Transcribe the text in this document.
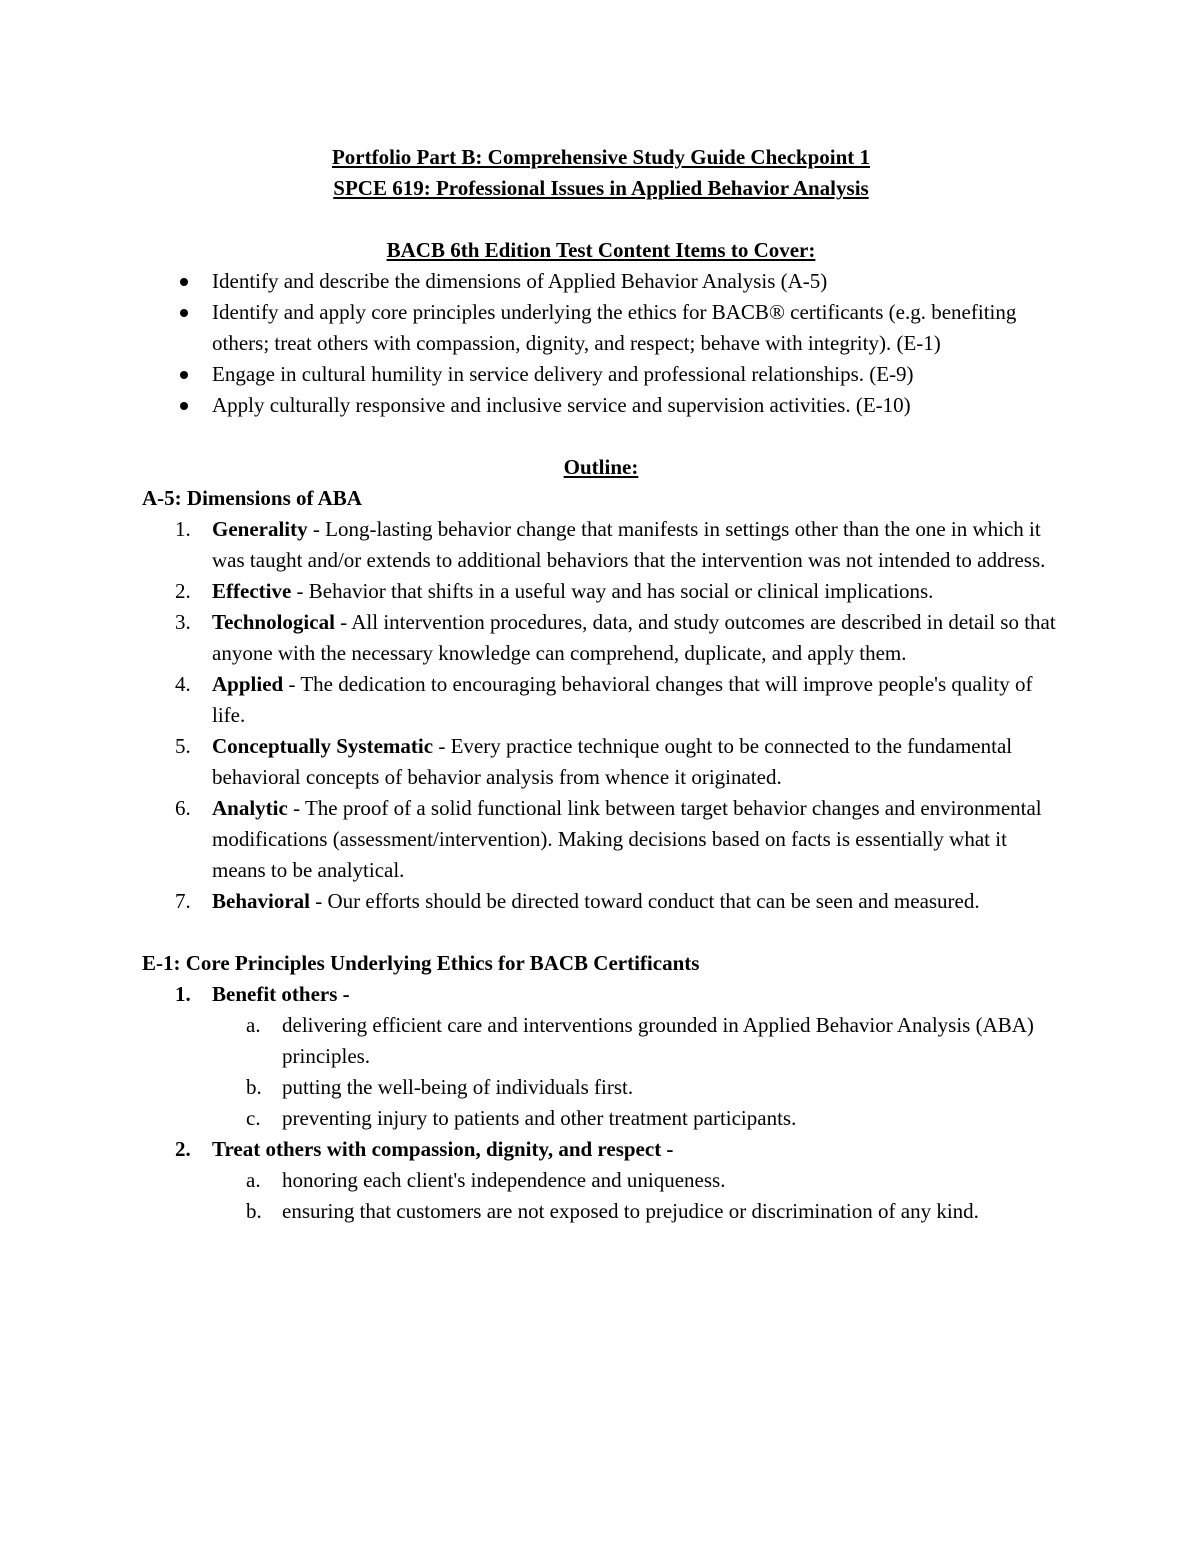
Portfolio Part B: Comprehensive Study Guide Checkpoint 1
SPCE 619: Professional Issues in Applied Behavior Analysis
BACB 6th Edition Test Content Items to Cover:
Identify and describe the dimensions of Applied Behavior Analysis (A-5)
Identify and apply core principles underlying the ethics for BACB® certificants (e.g. benefiting others; treat others with compassion, dignity, and respect; behave with integrity). (E-1)
Engage in cultural humility in service delivery and professional relationships. (E-9)
Apply culturally responsive and inclusive service and supervision activities. (E-10)
Outline:
A-5: Dimensions of ABA
1. Generality - Long-lasting behavior change that manifests in settings other than the one in which it was taught and/or extends to additional behaviors that the intervention was not intended to address.
2. Effective - Behavior that shifts in a useful way and has social or clinical implications.
3. Technological - All intervention procedures, data, and study outcomes are described in detail so that anyone with the necessary knowledge can comprehend, duplicate, and apply them.
4. Applied - The dedication to encouraging behavioral changes that will improve people's quality of life.
5. Conceptually Systematic - Every practice technique ought to be connected to the fundamental behavioral concepts of behavior analysis from whence it originated.
6. Analytic - The proof of a solid functional link between target behavior changes and environmental modifications (assessment/intervention). Making decisions based on facts is essentially what it means to be analytical.
7. Behavioral - Our efforts should be directed toward conduct that can be seen and measured.
E-1: Core Principles Underlying Ethics for BACB Certificants
1. Benefit others -
a. delivering efficient care and interventions grounded in Applied Behavior Analysis (ABA) principles.
b. putting the well-being of individuals first.
c. preventing injury to patients and other treatment participants.
2. Treat others with compassion, dignity, and respect -
a. honoring each client's independence and uniqueness.
b. ensuring that customers are not exposed to prejudice or discrimination of any kind.
